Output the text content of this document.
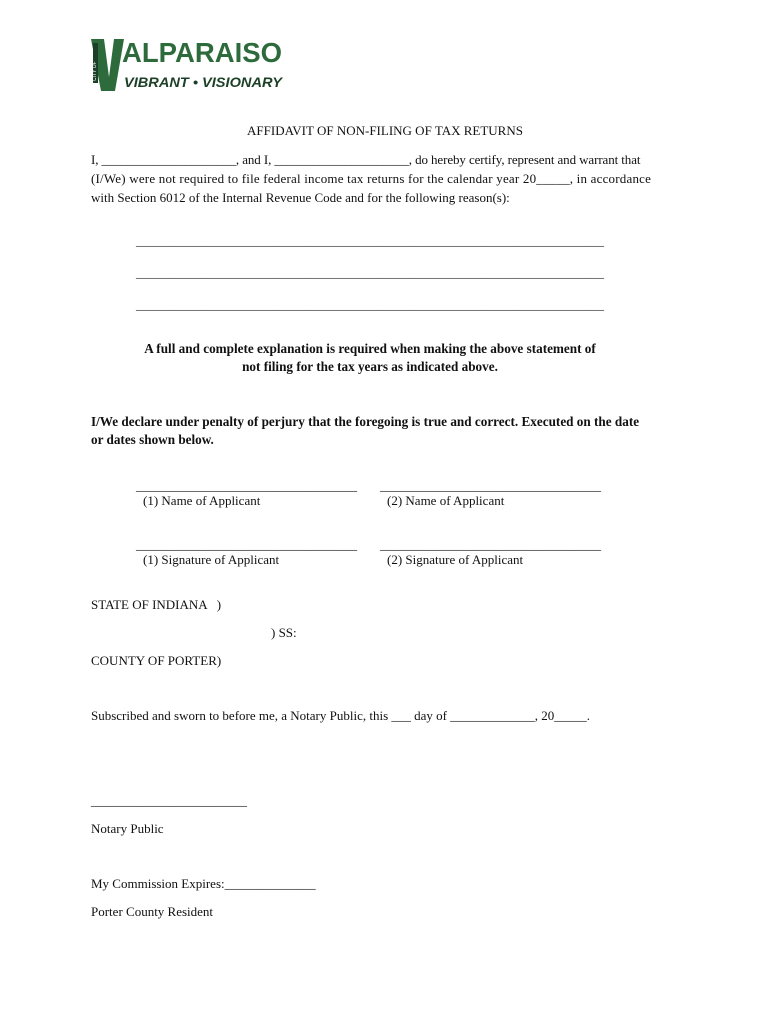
CITY OF
ALPARAISO
VIBRANT • VISIONARY
AFFIDAVIT OF NON-FILING OF TAX RETURNS

I, _____________________, and I, _____________________, do hereby certify, represent and warrant that

(I/We) were not required to file federal income tax returns for the calendar year 20_____, in accordance

with Section 6012 of the Internal Revenue Code and for the following reason(s):

________________________________________________________________________
________________________________________________________________________
________________________________________________________________________
A full and complete explanation is required when making the above statement of
not filing for the tax years as indicated above.
I/We declare under penalty of perjury that the foregoing is true and correct. Executed on the date
or dates shown below.
__________________________________ __________________________________
(1) Name of Applicant	(2) Name of Applicant
__________________________________ __________________________________
(1) Signature of Applicant	(2) Signature of Applicant
STATE OF INDIANA   )
) SS:
COUNTY OF PORTER)
Subscribed and sworn to before me, a Notary Public, this ___ day of _____________, 20_____.
________________________
Notary Public
My Commission Expires:______________
Porter County Resident
